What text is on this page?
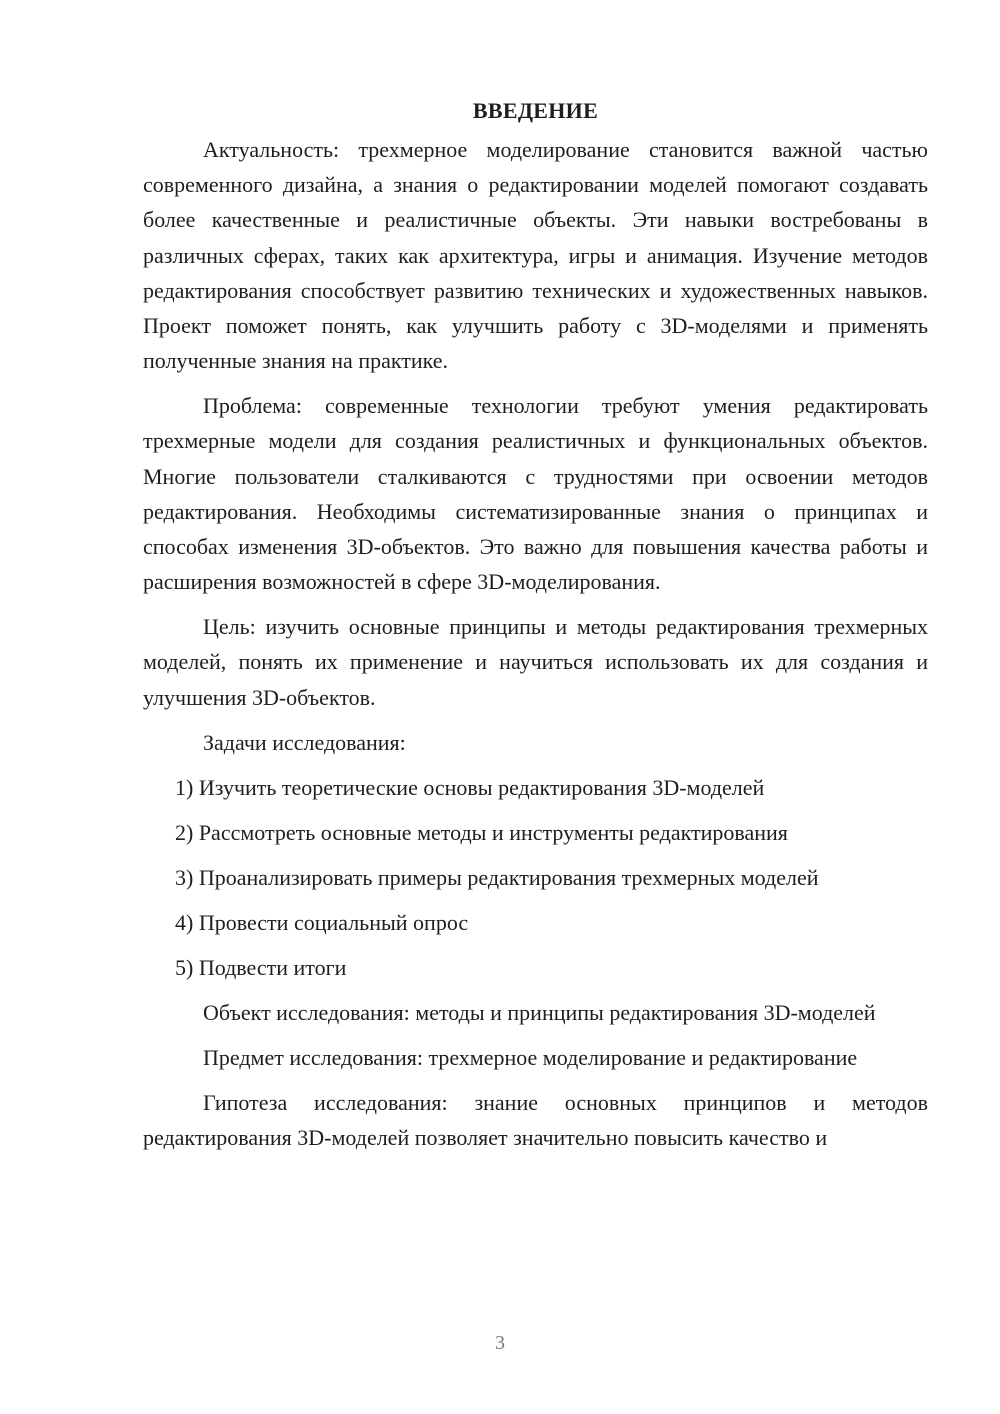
ВВЕДЕНИЕ
Актуальность: трехмерное моделирование становится важной частью современного дизайна, а знания о редактировании моделей помогают создавать более качественные и реалистичные объекты. Эти навыки востребованы в различных сферах, таких как архитектура, игры и анимация. Изучение методов редактирования способствует развитию технических и художественных навыков. Проект поможет понять, как улучшить работу с 3D-моделями и применять полученные знания на практике.
Проблема: современные технологии требуют умения редактировать трехмерные модели для создания реалистичных и функциональных объектов. Многие пользователи сталкиваются с трудностями при освоении методов редактирования. Необходимы систематизированные знания о принципах и способах изменения 3D-объектов. Это важно для повышения качества работы и расширения возможностей в сфере 3D-моделирования.
Цель: изучить основные принципы и методы редактирования трехмерных моделей, понять их применение и научиться использовать их для создания и улучшения 3D-объектов.
Задачи исследования:
1) Изучить теоретические основы редактирования 3D-моделей
2) Рассмотреть основные методы и инструменты редактирования
3) Проанализировать примеры редактирования трехмерных моделей
4) Провести социальный опрос
5) Подвести итоги
Объект исследования: методы и принципы редактирования 3D-моделей
Предмет исследования: трехмерное моделирование и редактирование
Гипотеза исследования: знание основных принципов и методов редактирования 3D-моделей позволяет значительно повысить качество и
3
